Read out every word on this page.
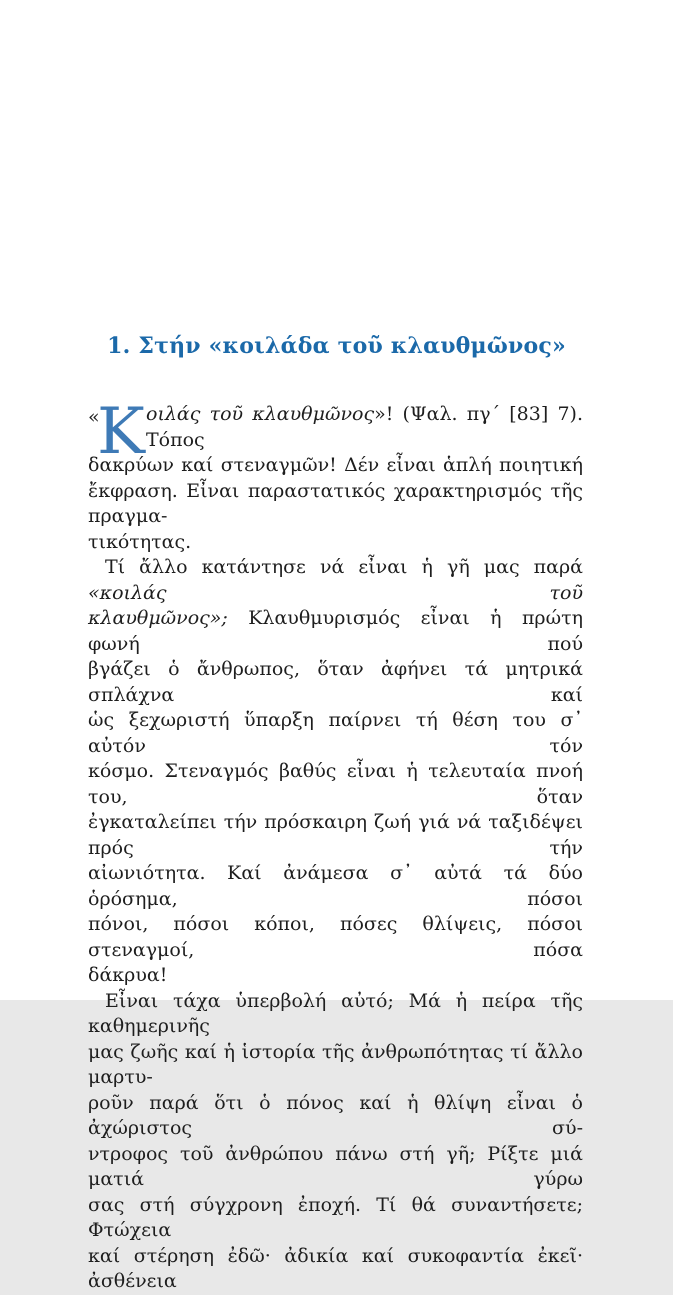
1. Στήν «κοιλάδα τοῦ κλαυθμῶνος»
«
Κ οιλάς τοῦ κλαυθμῶνος»! (Ψαλ. πγ´ [83] 7). Τόπος
δακρύων καί στεναγμῶν! Δέν εἶναι ἁπλή ποιητική
ἔκφραση. Εἶναι παραστατικός χαρακτηρισμός τῆς πραγμα-
τικότητας.
Τί ἄλλο κατάντησε νά εἶναι ἡ γῆ μας παρά «κοιλάς τοῦ
κλαυθμῶνος»; Κλαυθμυρισμός εἶναι ἡ πρώτη φωνή πού
βγάζει ὁ ἄνθρωπος, ὅταν ἀφήνει τά μητρικά σπλάχνα καί
ὡς ξεχωριστή ὕπαρξη παίρνει τή θέση του σ᾽ αὐτόν τόν
κόσμο. Στεναγμός βαθύς εἶναι ἡ τελευταία πνοή του, ὅταν
ἐγκαταλείπει τήν πρόσκαιρη ζωή γιά νά ταξιδέψει πρός τήν
αἰωνιότητα. Καί ἀνάμεσα σ᾽ αὐτά τά δύο ὁρόσημα, πόσοι
πόνοι, πόσοι κόποι, πόσες θλίψεις, πόσοι στεναγμοί, πόσα
δάκρυα!
Εἶναι τάχα ὑπερβολή αὐτό; Μά ἡ πείρα τῆς καθημερινῆς
μας ζωῆς καί ἡ ἱστορία τῆς ἀνθρωπότητας τί ἄλλο μαρτυ-
ροῦν παρά ὅτι ὁ πόνος καί ἡ θλίψη εἶναι ὁ ἀχώριστος σύ-
ντροφος τοῦ ἀνθρώπου πάνω στή γῆ; Ρίξτε μιά ματιά γύρω
σας στή σύγχρονη ἐποχή. Τί θά συναντήσετε; Φτώχεια
καί στέρηση ἐδῶ· ἀδικία καί συκοφαντία ἐκεῖ· ἀσθένεια
